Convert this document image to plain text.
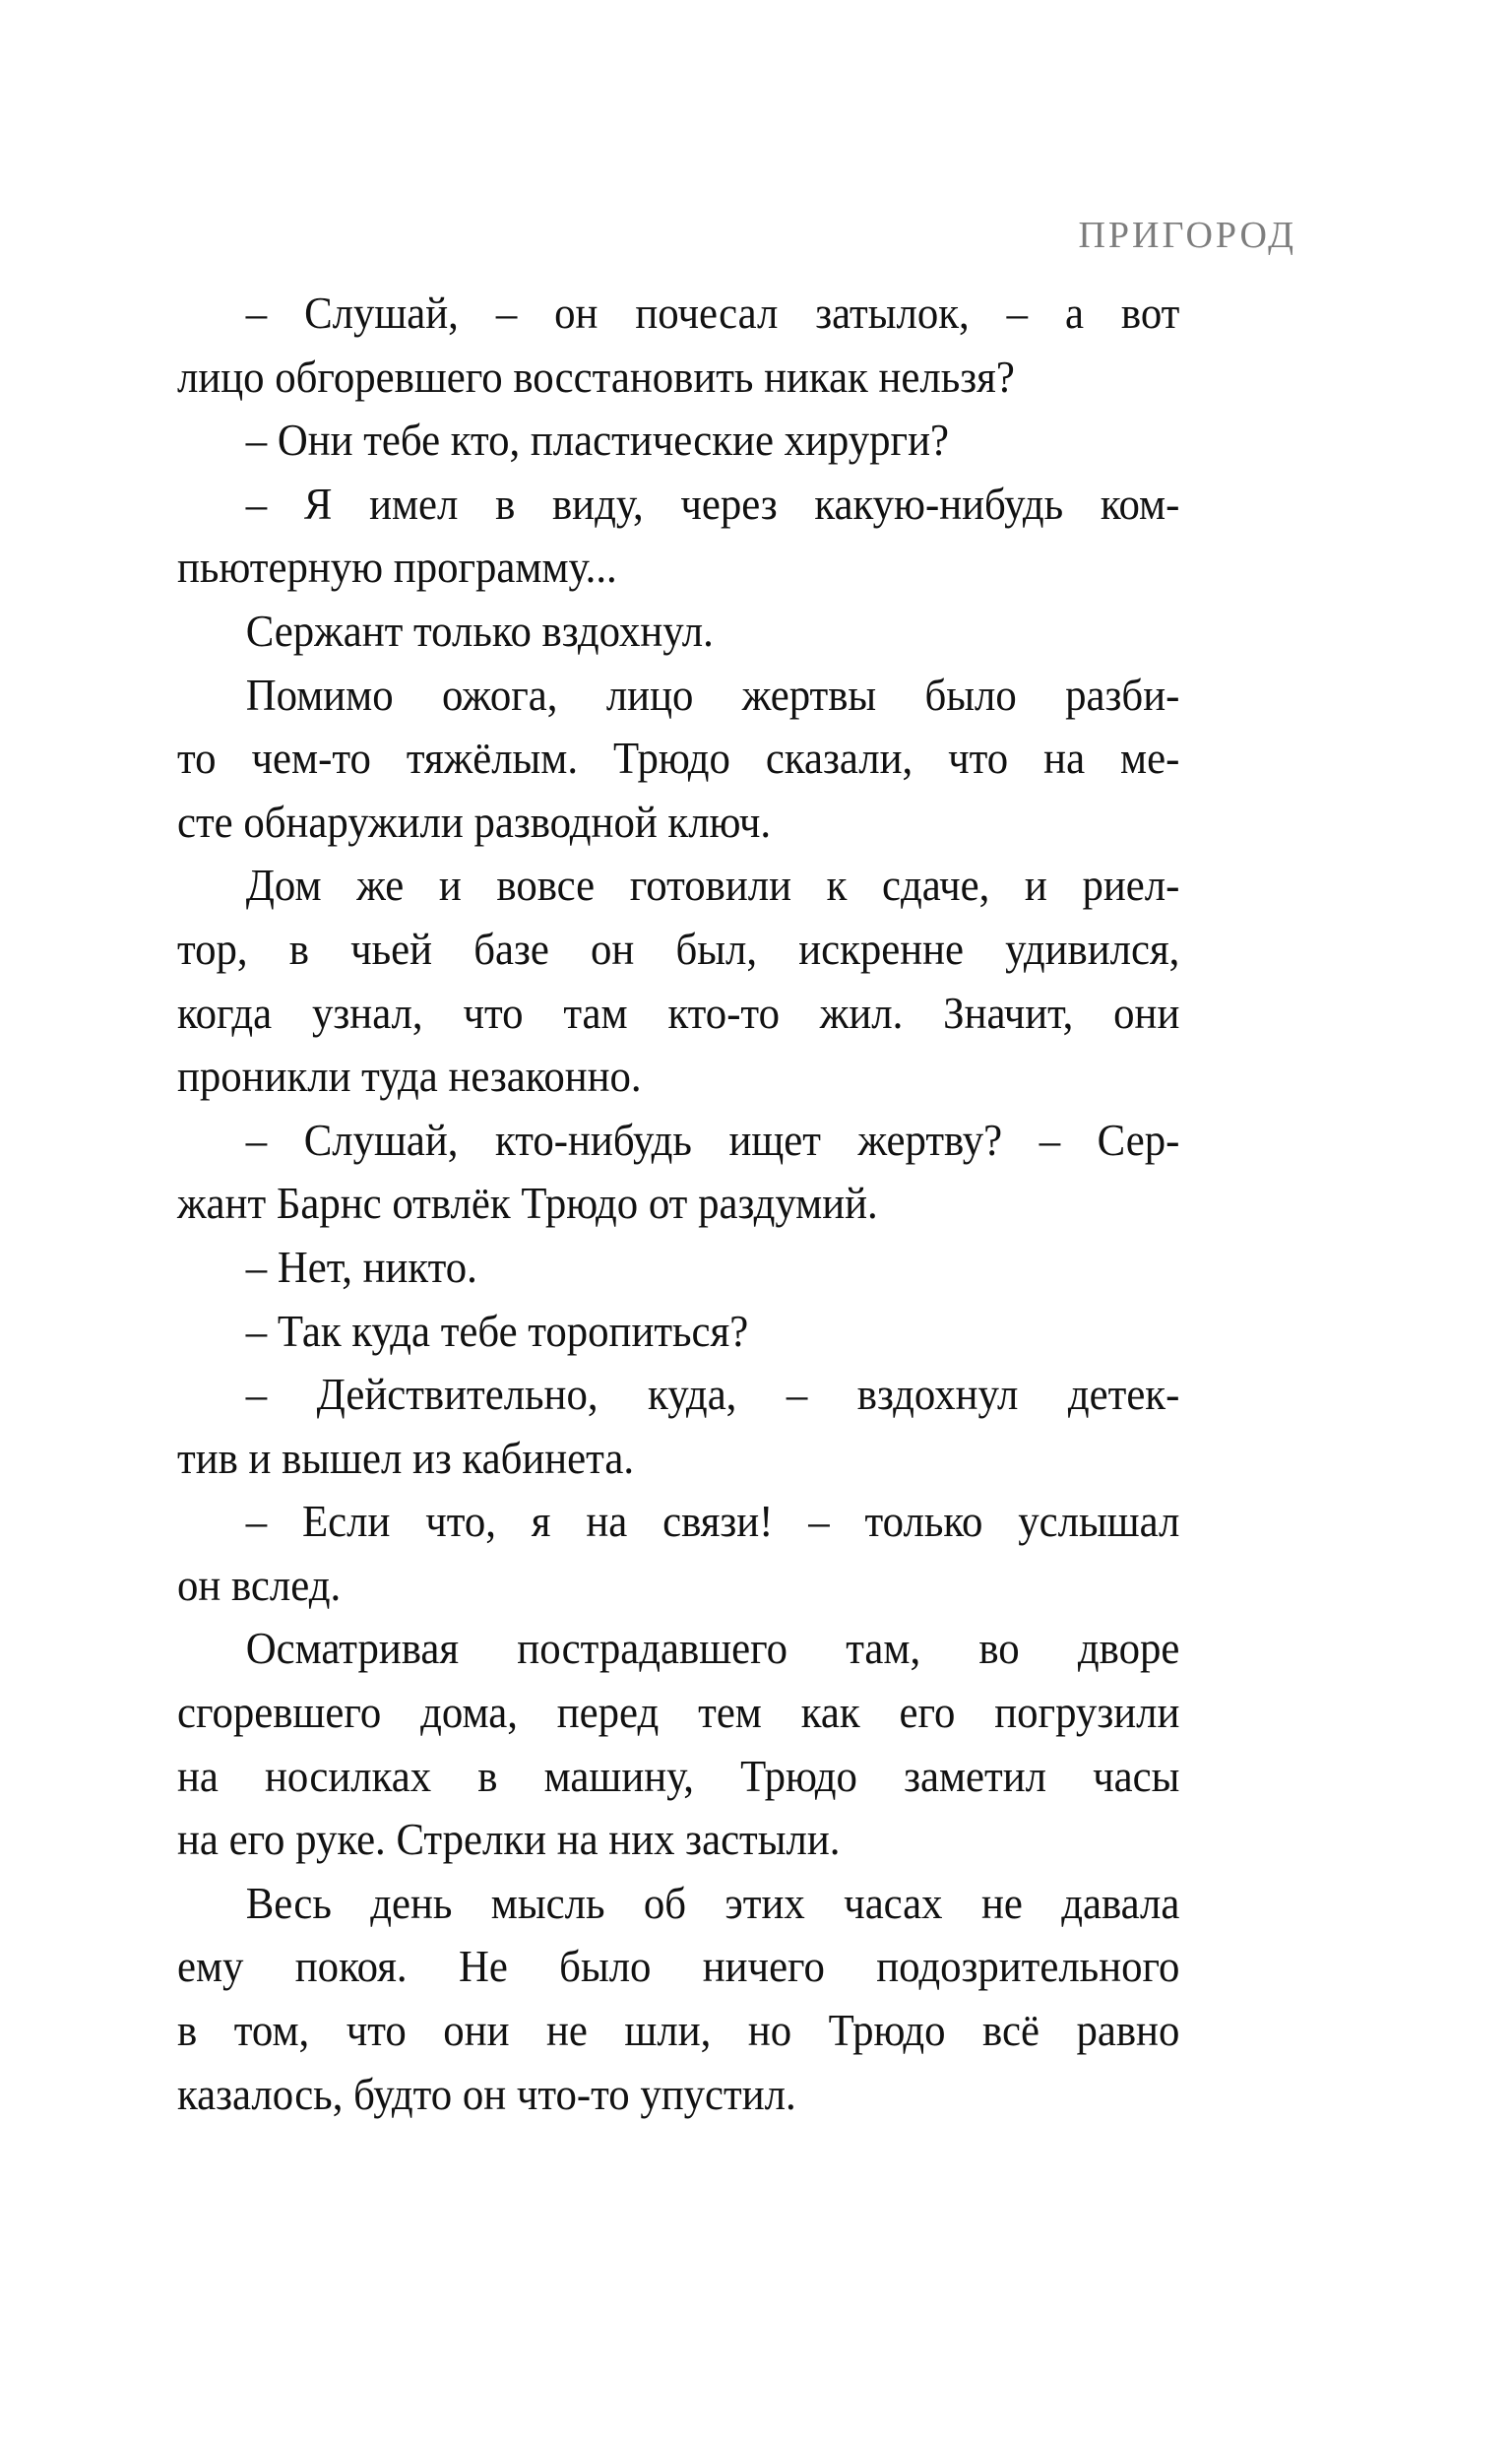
ПРИГОРОД
– Слушай, – он почесал затылок, – а вот
лицо обгоревшего восстановить никак нельзя?
– Они тебе кто, пластические хирурги?
– Я имел в виду, через какую-нибудь ком-
пьютерную программу...
Сержант только вздохнул.
Помимо ожога, лицо жертвы было разби-
то чем-то тяжёлым. Трюдо сказали, что на ме-
сте обнаружили разводной ключ.
Дом же и вовсе готовили к сдаче, и риел-
тор, в чьей базе он был, искренне удивился,
когда узнал, что там кто-то жил. Значит, они
проникли туда незаконно.
– Слушай, кто-нибудь ищет жертву? – Сер-
жант Барнс отвлёк Трюдо от раздумий.
– Нет, никто.
– Так куда тебе торопиться?
– Действительно, куда, – вздохнул детек-
тив и вышел из кабинета.
– Если что, я на связи! – только услышал
он вслед.
Осматривая пострадавшего там, во дворе
сгоревшего дома, перед тем как его погрузили
на носилках в машину, Трюдо заметил часы
на его руке. Стрелки на них застыли.
Весь день мысль об этих часах не давала
ему покоя. Не было ничего подозрительного
в том, что они не шли, но Трюдо всё равно
казалось, будто он что-то упустил.
